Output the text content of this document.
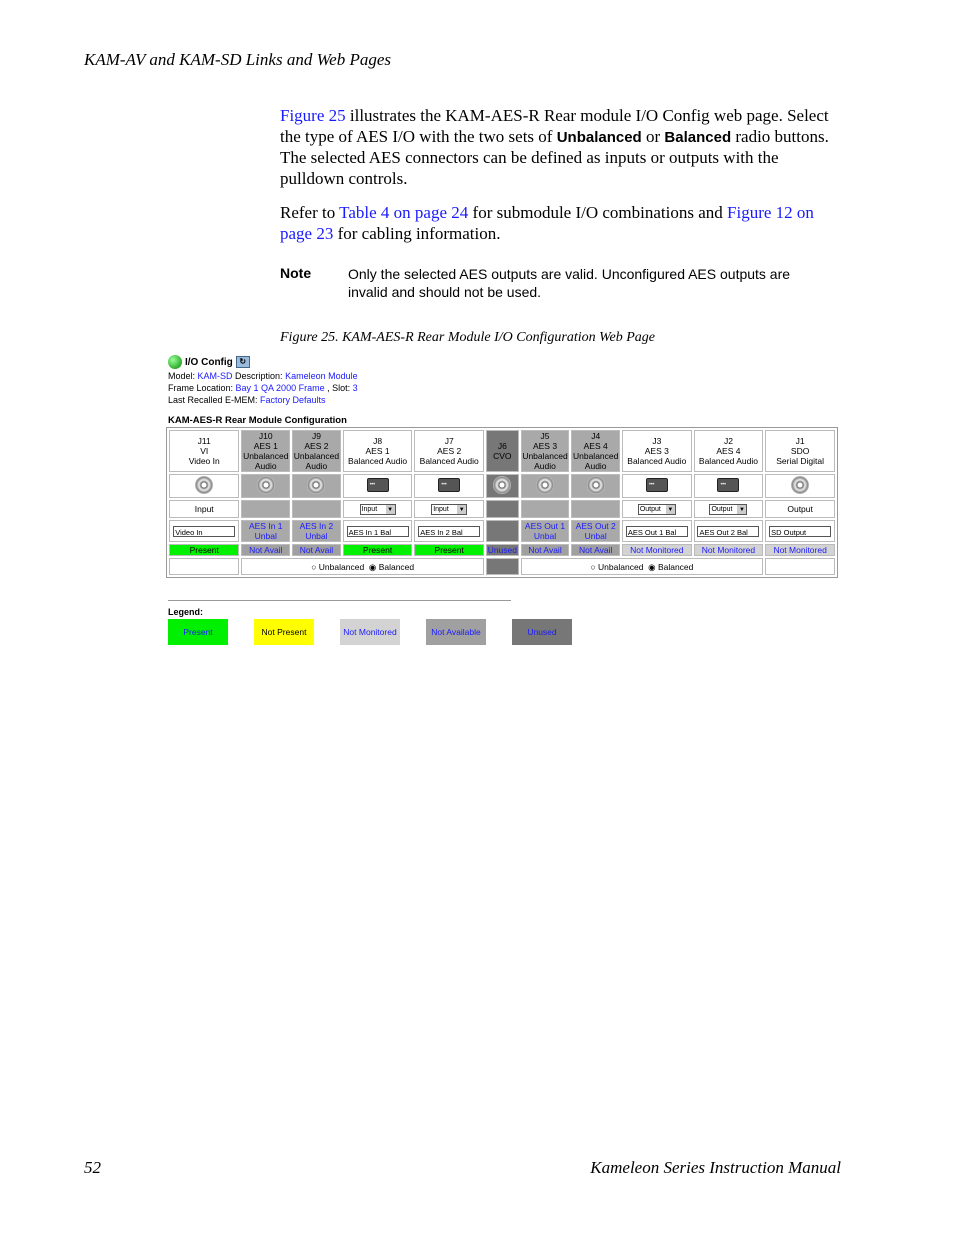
KAM-AV and KAM-SD Links and Web Pages

Figure 25 illustrates the KAM-AES-R Rear module I/O Config web page. Select the type of AES I/O with the two sets of Unbalanced or Balanced radio buttons. The selected AES connectors can be defined as inputs or outputs with the pulldown controls.

Refer to Table 4 on page 24 for submodule I/O combinations and Figure 12 on page 23 for cabling information.

Note	Only the selected AES outputs are valid. Unconfigured AES outputs are invalid and should not be used.
Figure 25. KAM-AES-R Rear Module I/O Configuration Web Page
I/O Config ↻
Model: KAM-SD Description: Kameleon Module
Frame Location: Bay 1 QA 2000 Frame , Slot: 3
Last Recalled E-MEM: Factory Defaults
KAM-AES-R Rear Module Configuration
J11
VI
Video In	J10
AES 1
Unbalanced
Audio	J9
AES 2
Unbalanced
Audio	J8
AES 1
Balanced Audio	J7
AES 2
Balanced Audio	J6
CVO	J5
AES 3
Unbalanced
Audio	J4
AES 4
Unbalanced
Audio	J3
AES 3
Balanced Audio	J2
AES 4
Balanced Audio	J1
SDO
Serial Digital
			• • •	• • •				• • •	• • •	
Input			Input ▼	Input ▼				Output ▼	Output ▼	Output
Video In	AES In 1 Unbal	AES In 2 Unbal	AES In 1 Bal	AES In 2 Bal		AES Out 1 Unbal	AES Out 2 Unbal	AES Out 1 Bal	AES Out 2 Bal	SD Output
Present	Not Avail	Not Avail	Present	Present	Unused	Not Avail	Not Avail	Not Monitored	Not Monitored	Not Monitored
	○ Unbalanced ◉ Balanced					○ Unbalanced ◉ Balanced				
Legend:
Present	Not Present	Not Monitored	Not Available	Unused
52	Kameleon Series Instruction Manual
